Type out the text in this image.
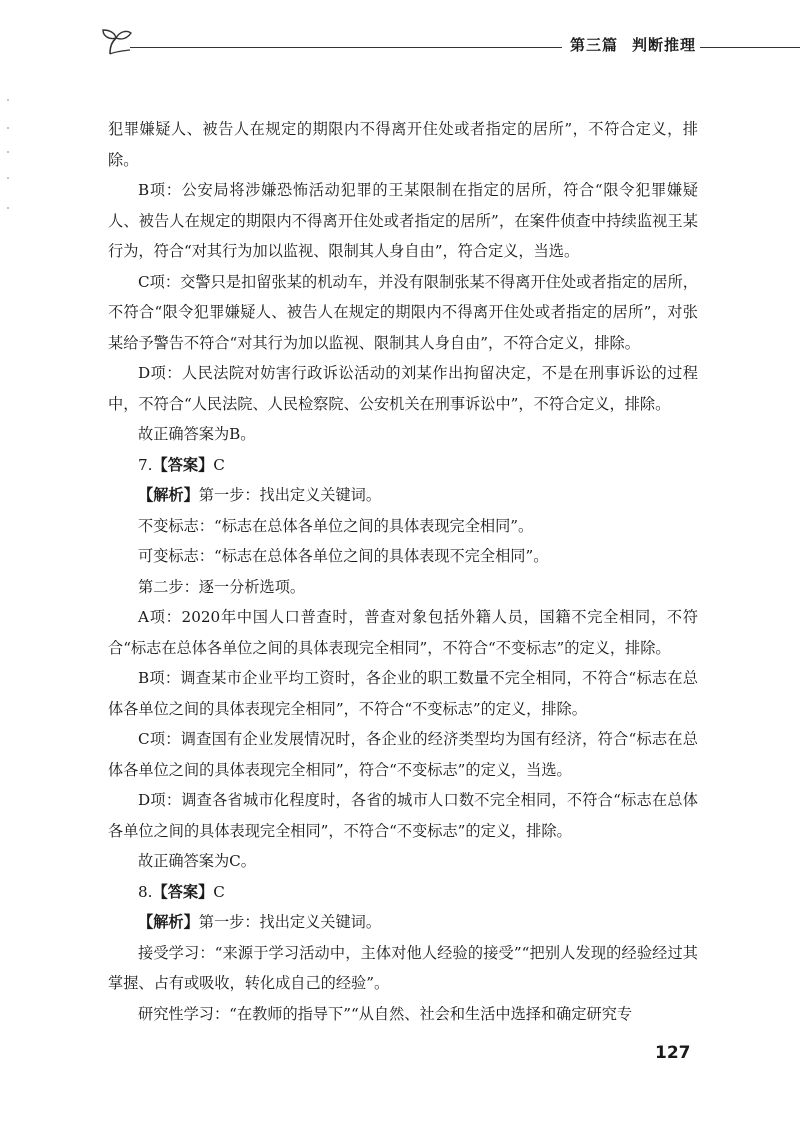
第三篇 判断推理

犯罪嫌疑人、被告人在规定的期限内不得离开住处或者指定的居所”，不符合定义，排除。

B项：公安局将涉嫌恐怖活动犯罪的王某限制在指定的居所，符合“限令犯罪嫌疑人、被告人在规定的期限内不得离开住处或者指定的居所”，在案件侦查中持续监视王某行为，符合“对其行为加以监视、限制其人身自由”，符合定义，当选。

C项：交警只是扣留张某的机动车，并没有限制张某不得离开住处或者指定的居所，不符合“限令犯罪嫌疑人、被告人在规定的期限内不得离开住处或者指定的居所”，对张某给予警告不符合“对其行为加以监视、限制其人身自由”，不符合定义，排除。

D项：人民法院对妨害行政诉讼活动的刘某作出拘留决定，不是在刑事诉讼的过程中，不符合“人民法院、人民检察院、公安机关在刑事诉讼中”，不符合定义，排除。

故正确答案为B。

7.【答案】C

【解析】第一步：找出定义关键词。

不变标志：“标志在总体各单位之间的具体表现完全相同”。

可变标志：“标志在总体各单位之间的具体表现不完全相同”。

第二步：逐一分析选项。

A项：2020年中国人口普查时，普查对象包括外籍人员，国籍不完全相同，不符合“标志在总体各单位之间的具体表现完全相同”，不符合“不变标志”的定义，排除。

B项：调查某市企业平均工资时，各企业的职工数量不完全相同，不符合“标志在总体各单位之间的具体表现完全相同”，不符合“不变标志”的定义，排除。

C项：调查国有企业发展情况时，各企业的经济类型均为国有经济，符合“标志在总体各单位之间的具体表现完全相同”，符合“不变标志”的定义，当选。

D项：调查各省城市化程度时，各省的城市人口数不完全相同，不符合“标志在总体各单位之间的具体表现完全相同”，不符合“不变标志”的定义，排除。

故正确答案为C。

8.【答案】C

【解析】第一步：找出定义关键词。

接受学习：“来源于学习活动中，主体对他人经验的接受”“把别人发现的经验经过其掌握、占有或吸收，转化成自己的经验”。

研究性学习：“在教师的指导下”“从自然、社会和生活中选择和确定研究专

127
